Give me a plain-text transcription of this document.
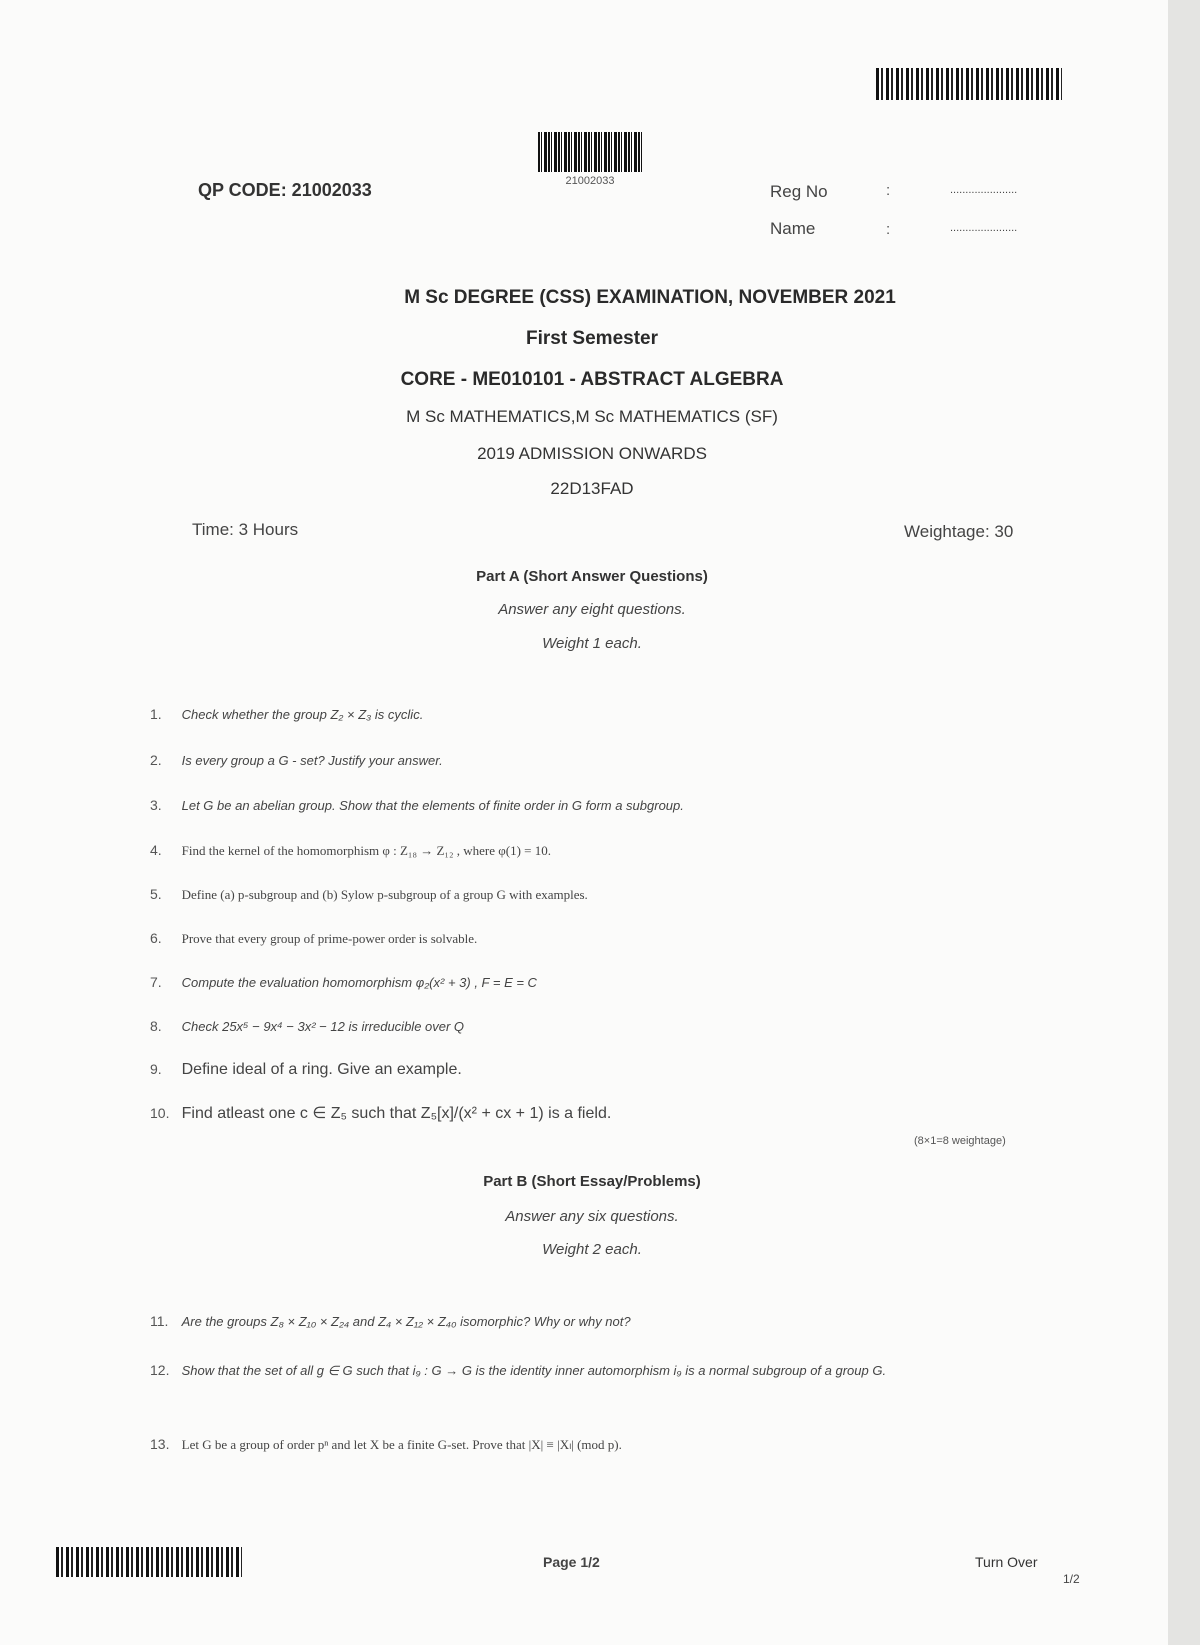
21002033
QP CODE: 21002033	Reg No	:	......................
Name	:	......................
M Sc DEGREE (CSS) EXAMINATION, NOVEMBER 2021
First Semester
CORE - ME010101 - ABSTRACT ALGEBRA
M Sc MATHEMATICS,M Sc MATHEMATICS (SF)
2019 ADMISSION ONWARDS
22D13FAD
Time: 3 Hours	Weightage: 30
Part A (Short Answer Questions)
Answer any eight questions.
Weight 1 each.
1. Check whether the group Z₂ × Z₃ is cyclic.
2. Is every group a G - set? Justify your answer.
3. Let G be an abelian group. Show that the elements of finite order in G form a subgroup.
4. Find the kernel of the homomorphism φ : Z₁₈ → Z₁₂ , where φ(1) = 10.
5. Define (a) p-subgroup and (b) Sylow p-subgroup of a group G with examples.
6. Prove that every group of prime-power order is solvable.
7. Compute the evaluation homomorphism φ₂(x² + 3) , F = E = C
8. Check 25x⁵ − 9x⁴ − 3x² − 12 is irreducible over Q
9. Define ideal of a ring. Give an example.
10. Find atleast one c ∈ Z₅ such that Z₅[x]/(x² + cx + 1) is a field.
(8×1=8 weightage)
Part B (Short Essay/Problems)
Answer any six questions.
Weight 2 each.
11. Are the groups Z₈ × Z₁₀ × Z₂₄ and Z₄ × Z₁₂ × Z₄₀ isomorphic? Why or why not?
12. Show that the set of all g ∈ G such that i₉ : G → G is the identity inner automorphism i₉ is a normal subgroup of a group G.
13. Let G be a group of order pⁿ and let X be a finite G-set. Prove that |X| ≡ |Xₗ| (mod p).
Page 1/2	Turn Over
1/2
